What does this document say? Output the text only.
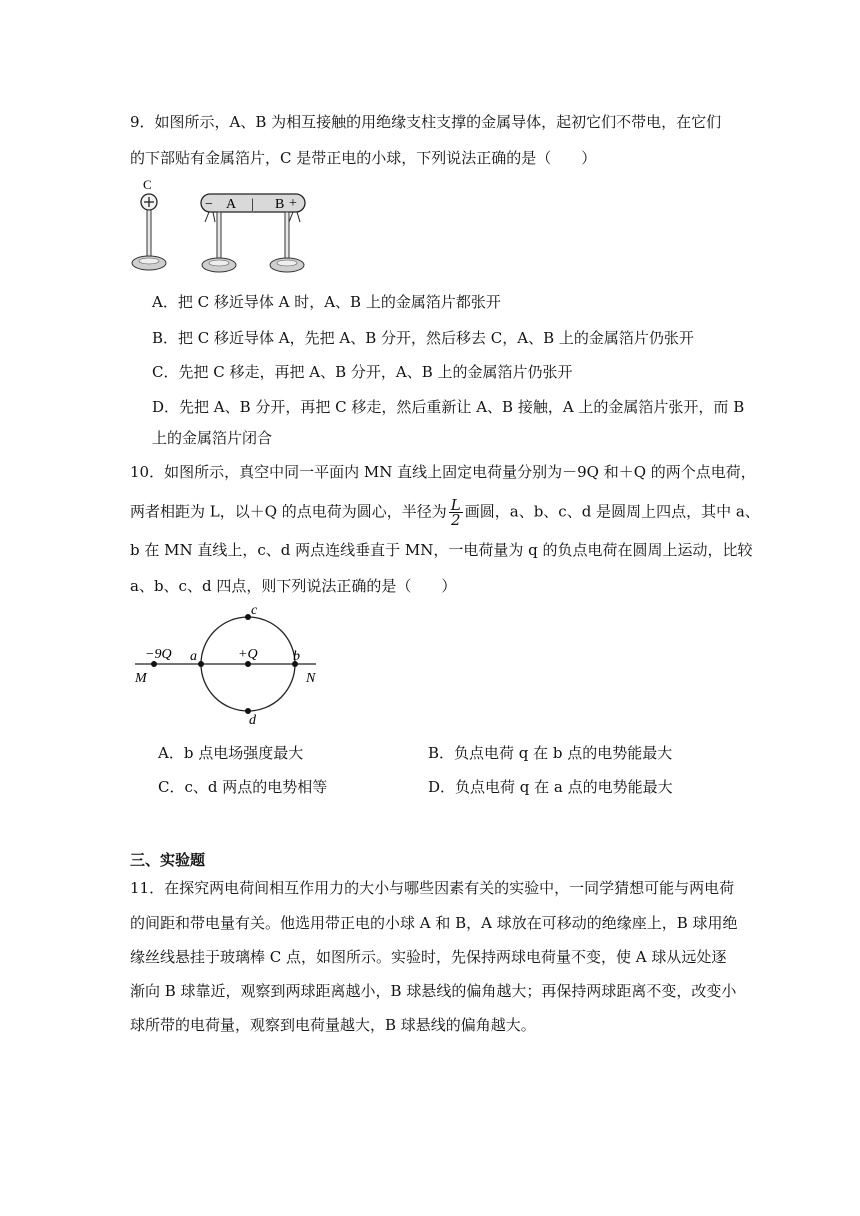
9．如图所示，A、B 为相互接触的用绝缘支柱支撑的金属导体，起初它们不带电，在它们
的下部贴有金属箔片，C 是带正电的小球，下列说法正确的是（　　）
C
− A | B +
A．把 C 移近导体 A 时，A、B 上的金属箔片都张开
B．把 C 移近导体 A，先把 A、B 分开，然后移去 C，A、B 上的金属箔片仍张开
C．先把 C 移走，再把 A、B 分开，A、B 上的金属箔片仍张开
D．先把 A、B 分开，再把 C 移走，然后重新让 A、B 接触，A 上的金属箔片张开，而 B
上的金属箔片闭合
10．如图所示，真空中同一平面内 MN 直线上固定电荷量分别为－9Q 和＋Q 的两个点电荷，
两者相距为 L，以＋Q 的点电荷为圆心，半径为 $\frac{L}{2}$ 画圆，a、b、c、d 是圆周上四点，其中 a、
b 在 MN 直线上，c、d 两点连线垂直于 MN，一电荷量为 q 的负点电荷在圆周上运动，比较
a、b、c、d 四点，则下列说法正确的是（　　）
−9Q	+Q
a	b
c
d
M	N
A．b 点电场强度最大	B．负点电荷 q 在 b 点的电势能最大
C．c、d 两点的电势相等	D．负点电荷 q 在 a 点的电势能最大
三、实验题
11．在探究两电荷间相互作用力的大小与哪些因素有关的实验中，一同学猜想可能与两电荷
的间距和带电量有关。他选用带正电的小球 A 和 B，A 球放在可移动的绝缘座上，B 球用绝
缘丝线悬挂于玻璃棒 C 点，如图所示。实验时，先保持两球电荷量不变，使 A 球从远处逐
渐向 B 球靠近，观察到两球距离越小，B 球悬线的偏角越大；再保持两球距离不变，改变小
球所带的电荷量，观察到电荷量越大，B 球悬线的偏角越大。
